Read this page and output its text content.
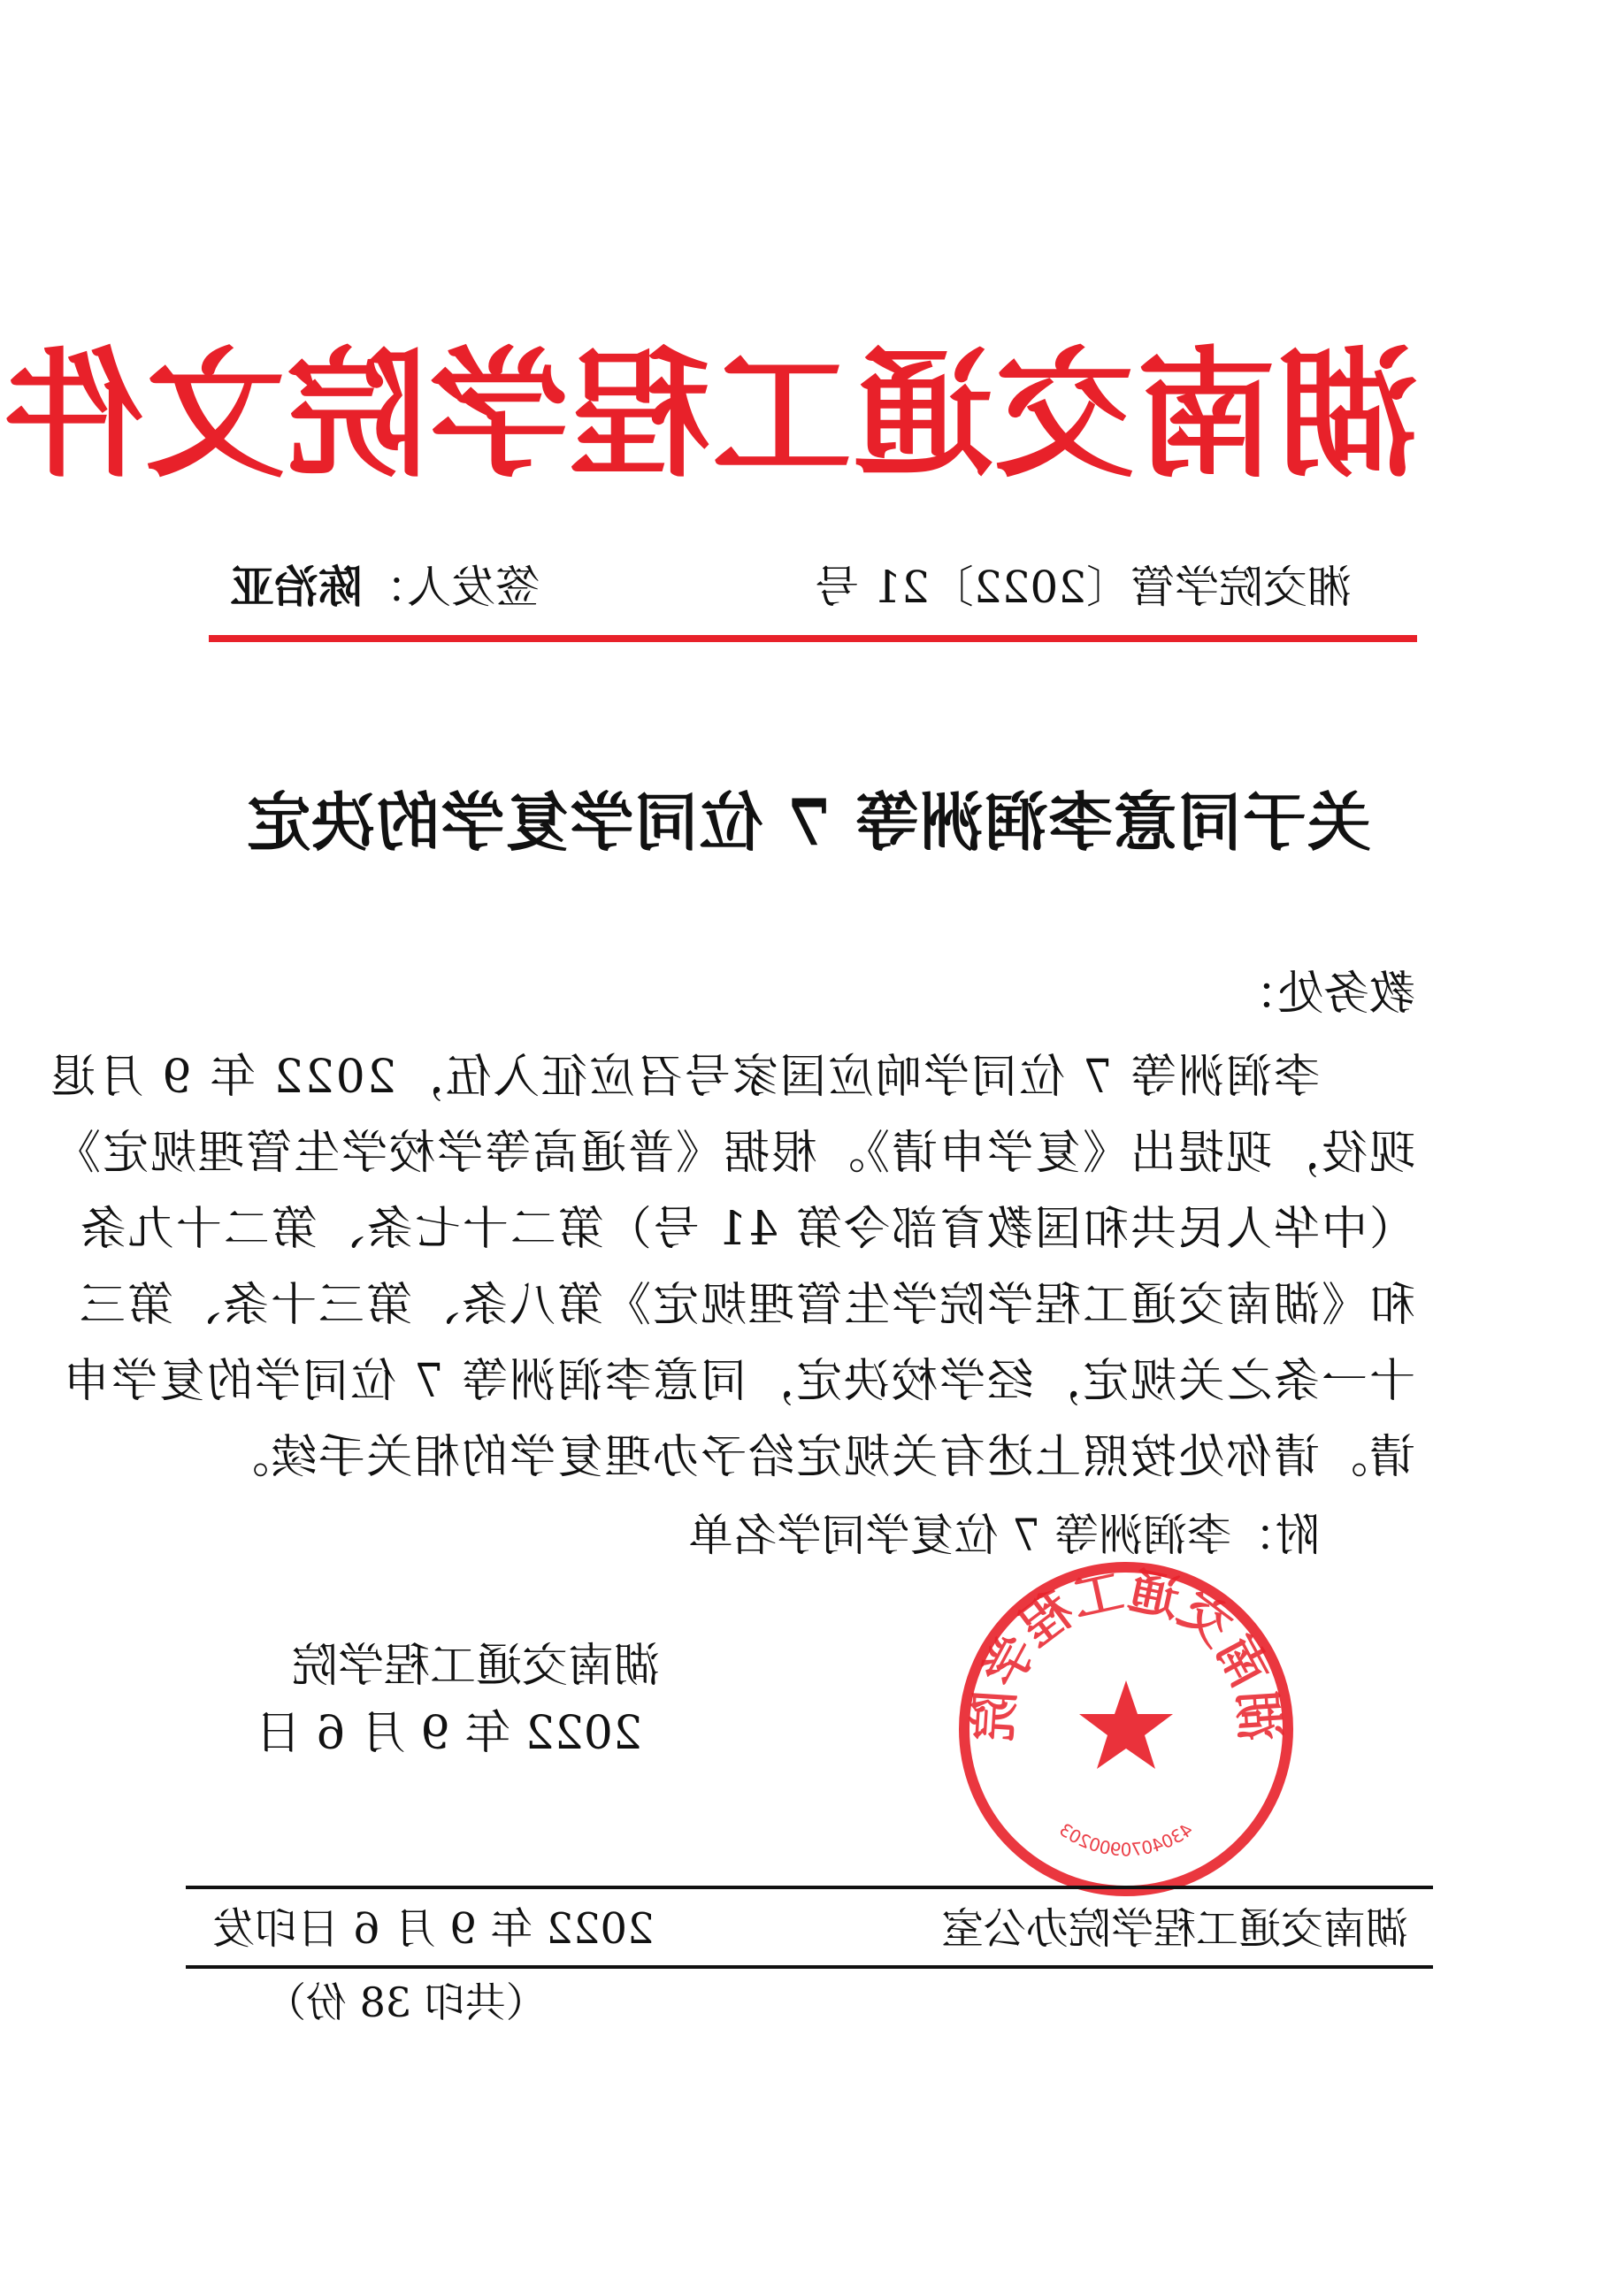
湖南交通工程学院文件
湘交院学管〔2022〕21 号
签发人：陈治亚
关于同意李润洲等 7 位同学复学的决定
教务处：
李润洲等 7 位同学响应国家号召应征入伍，2022 年 9 月退
现役，现提出《复学申请》。根据《普通高等学校学生管理规定》
（中华人民共和国教育部令第 41 号）第二十七条、第二十九条
和《湖南交通工程学院学生管理规定》第八条、第三十条、第三
十一条之关规定，经学校决定，同意李润洲等 7 位同学的复学申
请。请你处按照上述有关规定给予办理复学的相关手续。
附：李润洲等 7 位复学同学名单
湖南交通工程学院
4304070900203
湖南交通工程学院
2022 年 9 月 6 日
湖南交通工程学院办公室
2022 年 9 月 6 日印发
（共印 38 份）
